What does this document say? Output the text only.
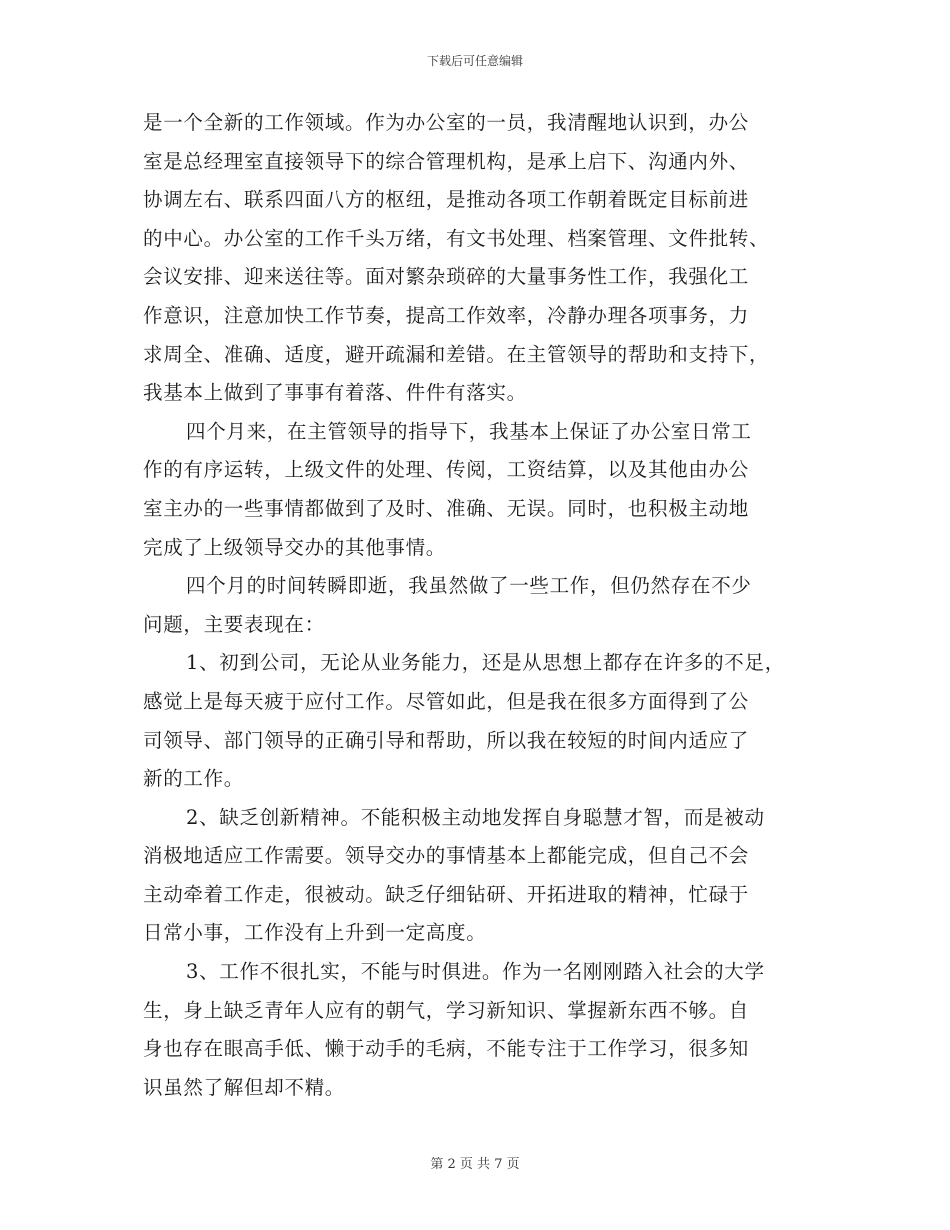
下载后可任意编辑
是一个全新的工作领域。作为办公室的一员，我清醒地认识到，办公
室是总经理室直接领导下的综合管理机构，是承上启下、沟通内外、
协调左右、联系四面八方的枢纽，是推动各项工作朝着既定目标前进
的中心。办公室的工作千头万绪，有文书处理、档案管理、文件批转、
会议安排、迎来送往等。面对繁杂琐碎的大量事务性工作，我强化工
作意识，注意加快工作节奏，提高工作效率，冷静办理各项事务，力
求周全、准确、适度，避开疏漏和差错。在主管领导的帮助和支持下，
我基本上做到了事事有着落、件件有落实。
四个月来，在主管领导的指导下，我基本上保证了办公室日常工
作的有序运转，上级文件的处理、传阅，工资结算，以及其他由办公
室主办的一些事情都做到了及时、准确、无误。同时，也积极主动地
完成了上级领导交办的其他事情。
四个月的时间转瞬即逝，我虽然做了一些工作，但仍然存在不少
问题，主要表现在：
1、初到公司，无论从业务能力，还是从思想上都存在许多的不足，
感觉上是每天疲于应付工作。尽管如此，但是我在很多方面得到了公
司领导、部门领导的正确引导和帮助，所以我在较短的时间内适应了
新的工作。
2、缺乏创新精神。不能积极主动地发挥自身聪慧才智，而是被动
消极地适应工作需要。领导交办的事情基本上都能完成，但自己不会
主动牵着工作走，很被动。缺乏仔细钻研、开拓进取的精神，忙碌于
日常小事，工作没有上升到一定高度。
3、工作不很扎实，不能与时俱进。作为一名刚刚踏入社会的大学
生，身上缺乏青年人应有的朝气，学习新知识、掌握新东西不够。自
身也存在眼高手低、懒于动手的毛病，不能专注于工作学习，很多知
识虽然了解但却不精。
第 2 页 共 7 页
